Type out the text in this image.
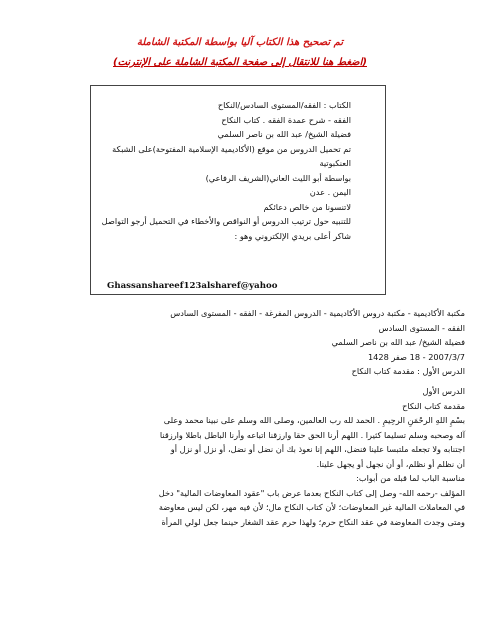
تم تصحيح هذا الكتاب آليا بواسطة المكتبة الشاملة
(اضغط هنا للانتقال إلى صفحة المكتبة الشاملة على الإنترنت)
الكتاب : الفقه/المستوى السادس/النكاح
الفقه - شرح عمدة الفقه . كتاب النكاح
فضيلة الشيخ/ عبد الله بن ناصر السلمي
تم تحميل الدروس من موقع (الأكاديمية الإسلامية المفتوحة)على الشبكة
العنكبوتية
بواسطة أبو الليث العاني(الشريف الرفاعي)
اليمن . عدن
لاتنسونا من خالص دعائكم
للتنبيه حول ترتيب الدروس أو النواقص والأخطاء في التحميل أرجو التواصل
شاكر أعلى بريدي الإلكتروني وهو :
Ghassanshareef123alsharef@yahoo
مكتبة الأكاديمية - مكتبة دروس الأكاديمية - الدروس المفرغة - الفقه - المستوى السادس
الفقه - المستوى السادس
فضيلة الشيخ/ عبد الله بن ناصر السلمي
2007/3/7 - 18 صفر 1428
الدرس الأول : مقدمة كتاب النكاح
الدرس الأول
مقدمة كتاب النكاح
بسْمِ اللهِ الرحْمَنِ الرحِيمِ . الحمد لله رب العالمين، وصلى الله وسلم على نبينا محمد وعلى
آله وصحبه وسلم تسليما كثيرا . اللهم أرنا الحق حقا وارزقنا اتباعه وأرنا الباطل باطلا وارزقنا
اجتنابه ولا تجعله ملتبسا علينا فنضل، اللهم إنا نعوذ بك أن نضل أو نضل، أو نزل أو نزل أو
أن نظلم أو نظلم، أو أن نجهل أو يجهل علينا.
مناسبة الباب لما قبله من أبواب:
المؤلف -رحمه الله- وصل إلى كتاب النكاح بعدما عرض باب "عقود المعاوضات المالية" دخل
في المعاملات المالية غير المعاوضات؛ لأن كتاب النكاح مال؛ لأن فيه مهر، لكن ليس معاوضة
ومتى وجدت المعاوضة في عقد النكاح حرم؛ ولهذا حرم عقد الشغار حينما جعل لولي المرأة
